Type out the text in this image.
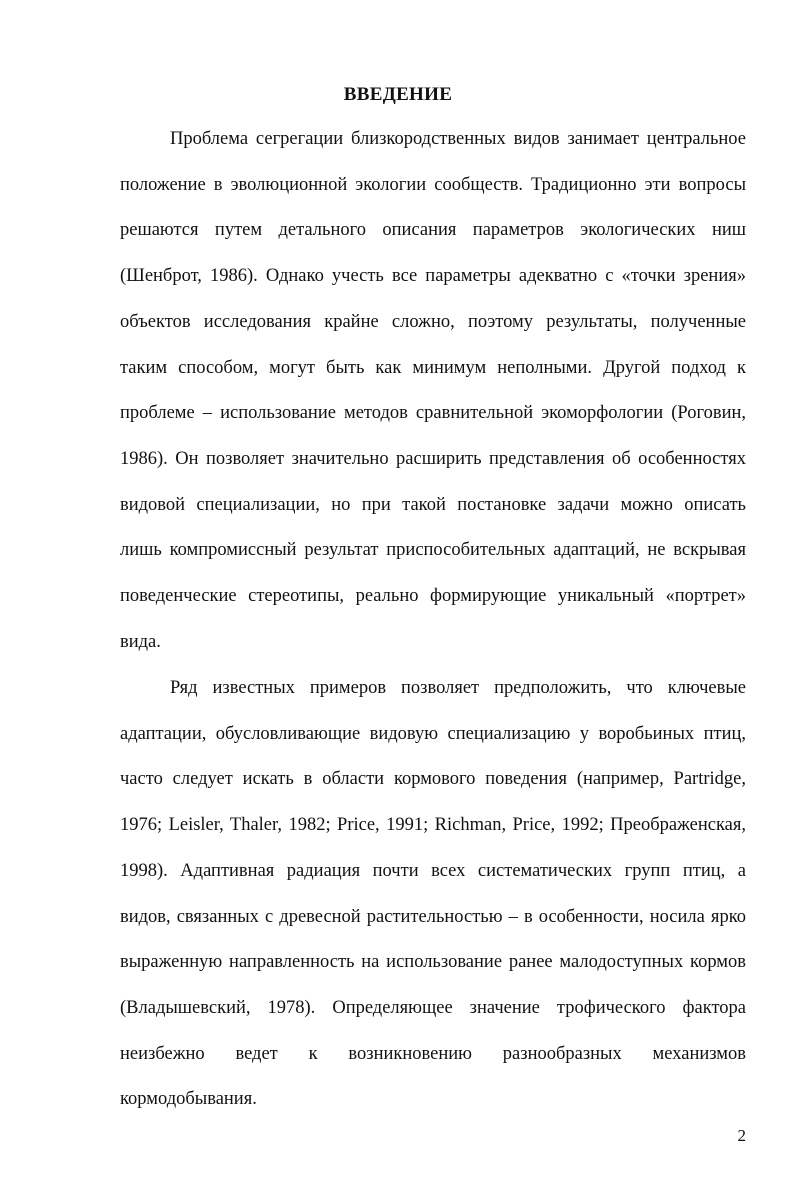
ВВЕДЕНИЕ
Проблема сегрегации близкородственных видов занимает центральное
положение в эволюционной экологии сообществ. Традиционно эти вопросы
решаются путем детального описания параметров экологических ниш
(Шенброт, 1986). Однако учесть все параметры адекватно с «точки зрения»
объектов исследования крайне сложно, поэтому результаты, полученные
таким способом, могут быть как минимум неполными. Другой подход к
проблеме – использование методов сравнительной экоморфологии (Роговин,
1986). Он позволяет значительно расширить представления об особенностях
видовой специализации, но при такой постановке задачи можно описать
лишь компромиссный результат приспособительных адаптаций, не вскрывая
поведенческие стереотипы, реально формирующие уникальный «портрет»
вида.
Ряд известных примеров позволяет предположить, что ключевые
адаптации, обусловливающие видовую специализацию у воробьиных птиц,
часто следует искать в области кормового поведения (например, Partridge,
1976; Leisler, Thaler, 1982; Price, 1991; Richman, Price, 1992; Преображенская,
1998). Адаптивная радиация почти всех систематических групп птиц, а
видов, связанных с древесной растительностью – в особенности, носила ярко
выраженную направленность на использование ранее малодоступных кормов
(Владышевский, 1978). Определяющее значение трофического фактора
неизбежно ведет к возникновению разнообразных механизмов
кормодобывания.
2
